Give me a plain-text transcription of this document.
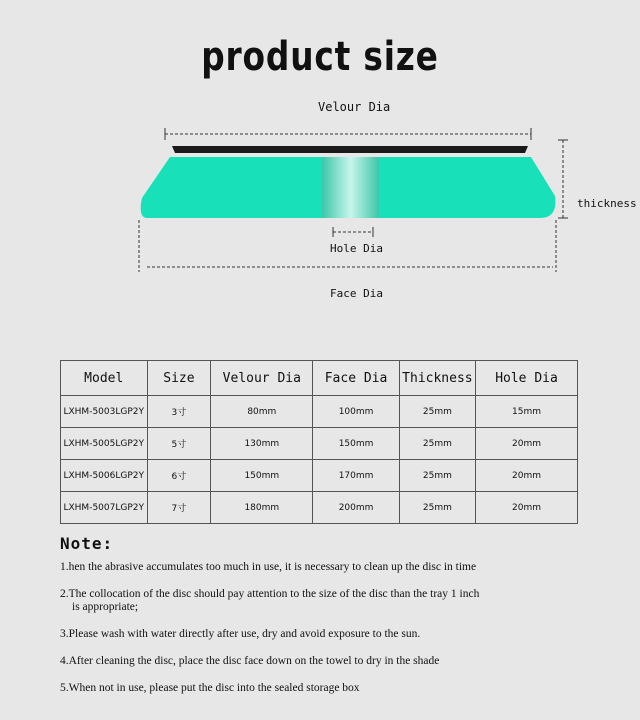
product size
Velour Dia
thickness
Hole Dia
Face Dia
Model	Size	Velour Dia	Face Dia	Thickness	Hole Dia
LXHM-5003LGP2Y	3寸	80mm	100mm	25mm	15mm
LXHM-5005LGP2Y	5寸	130mm	150mm	25mm	20mm
LXHM-5006LGP2Y	6寸	150mm	170mm	25mm	20mm
LXHM-5007LGP2Y	7寸	180mm	200mm	25mm	20mm
Note:

1.hen the abrasive accumulates too much in use, it is necessary to clean up the disc in time

2.The collocation of the disc should pay attention to the size of the disc than the tray 1 inch
is appropriate;

3.Please wash with water directly after use, dry and avoid exposure to the sun.

4.After cleaning the disc, place the disc face down on the towel to dry in the shade

5.When not in use, please put the disc into the sealed storage box
